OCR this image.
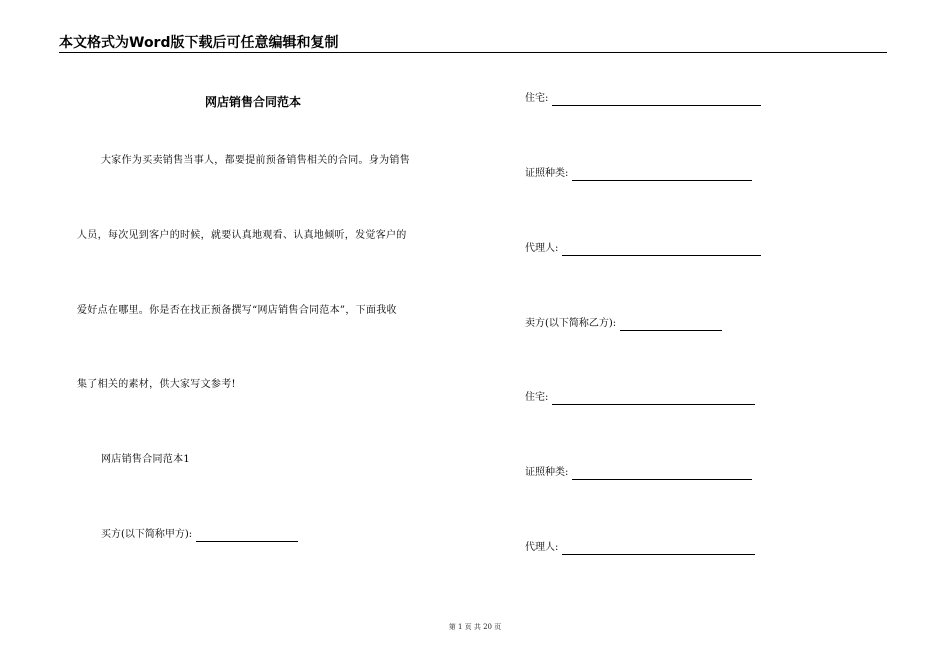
本文格式为Word版下载后可任意编辑和复制
网店销售合同范本
大家作为买卖销售当事人，都要提前预备销售相关的合同。身为销售
人员，每次见到客户的时候，就要认真地观看、认真地倾听，发觉客户的
爱好点在哪里。你是否在找正预备撰写“网店销售合同范本”，下面我收
集了相关的素材，供大家写文参考!
网店销售合同范本1
买方(以下简称甲方):
住宅:
证照种类:
代理人:
卖方(以下简称乙方):
住宅:
证照种类:
代理人:
第 1 页 共 20 页
